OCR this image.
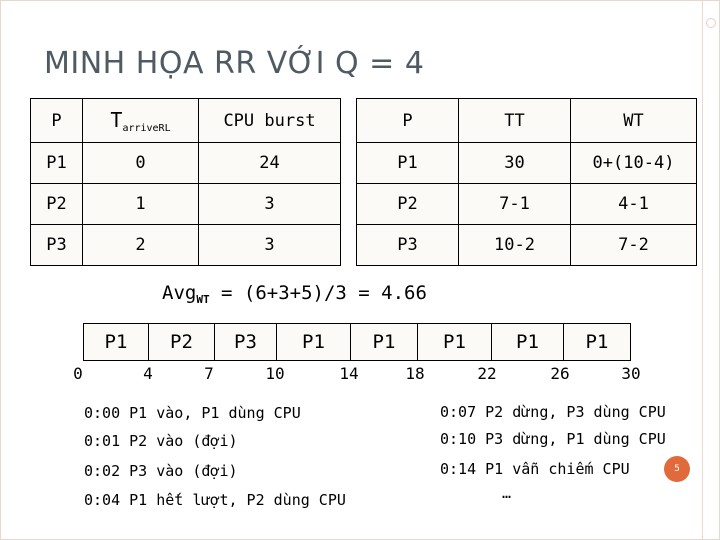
MINH HỌA RR VỚI Q = 4
P	$T_{arriveRL}$	CPU burst
P1	0	24
P2	1	3
P3	2	3
P	TT	WT
P1	30	0+(10-4)
P2	7-1	4-1
P3	10-2	7-2
Avg$_{WT}$ = (6+3+5)/3 = 4.66
P1	P2	P3	P1	P1	P1	P1	P1
0	4	7	10	14	18	22	26	30
0:00 P1 vào, P1 dùng CPU
0:01 P2 vào (đợi)
0:02 P3 vào (đợi)
0:04 P1 hết lượt, P2 dùng CPU
0:07 P2 dừng, P3 dùng CPU
0:10 P3 dừng, P1 dùng CPU
0:14 P1 vẫn chiếm CPU
…
5
